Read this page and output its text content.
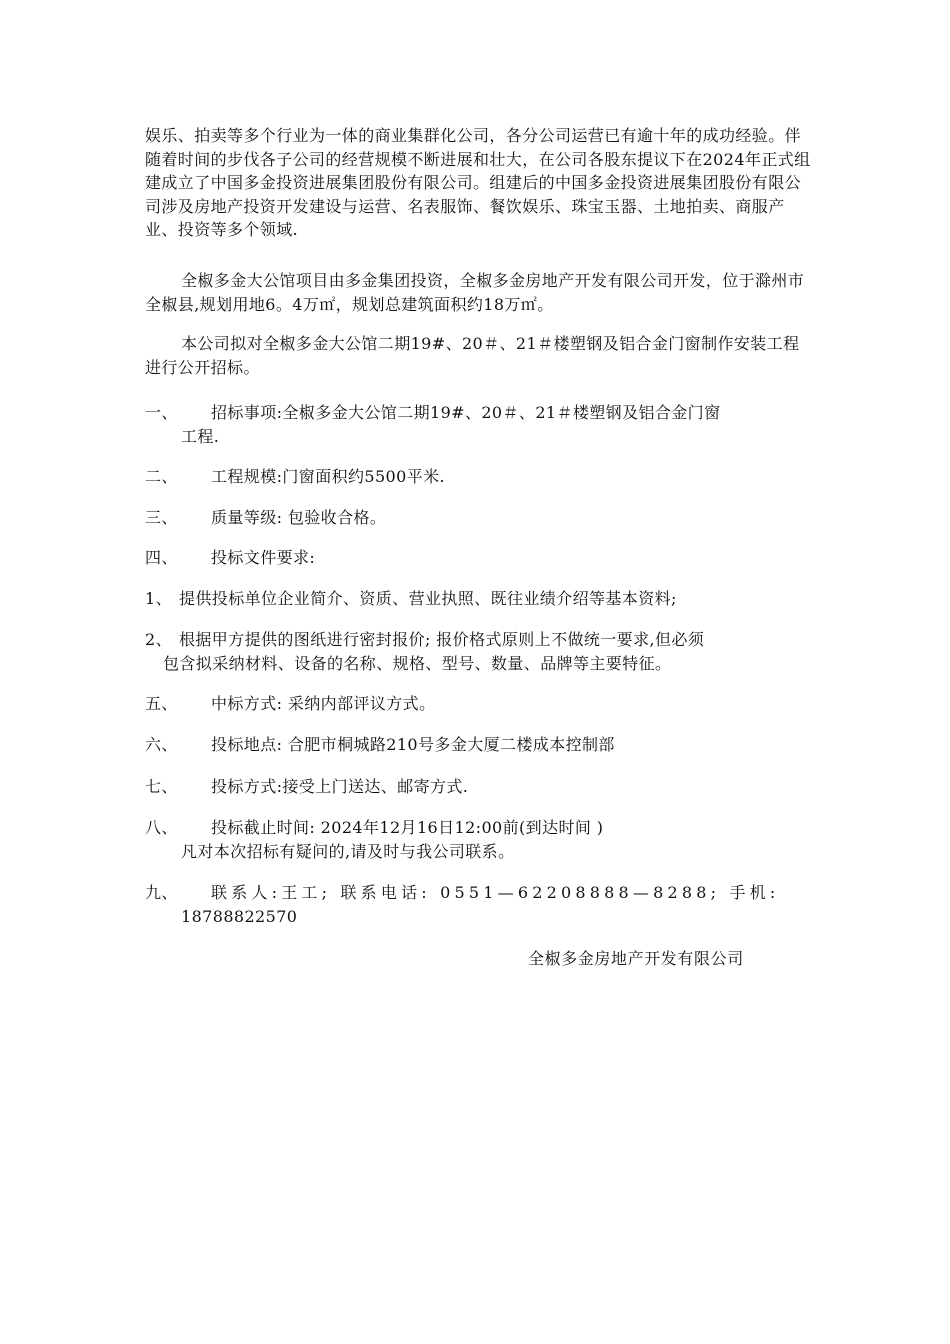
娱乐、拍卖等多个行业为一体的商业集群化公司，各分公司运营已有逾十年的成功经验。伴随着时间的步伐各子公司的经营规模不断进展和壮大，在公司各股东提议下在2024年正式组建成立了中国多金投资进展集团股份有限公司。组建后的中国多金投资进展集团股份有限公司涉及房地产投资开发建设与运营、名表服饰、餐饮娱乐、珠宝玉器、土地拍卖、商服产业、投资等多个领域.
全椒多金大公馆项目由多金集团投资，全椒多金房地产开发有限公司开发，位于滁州市全椒县,规划用地6。4万㎡，规划总建筑面积约18万㎡。
本公司拟对全椒多金大公馆二期19#、20＃、21＃楼塑钢及铝合金门窗制作安装工程进行公开招标。
一、 招标事项:全椒多金大公馆二期19#、20＃、21＃楼塑钢及铝合金门窗
工程.
二、 工程规模:门窗面积约5500平米.
三、 质量等级: 包验收合格。
四、 投标文件要求:
1、 提供投标单位企业简介、资质、营业执照、既往业绩介绍等基本资料;
2、 根据甲方提供的图纸进行密封报价; 报价格式原则上不做统一要求,但必须
包含拟采纳材料、设备的名称、规格、型号、数量、品牌等主要特征。
五、 中标方式: 采纳内部评议方式。
六、 投标地点: 合肥市桐城路210号多金大厦二楼成本控制部
七、 投标方式:接受上门送达、邮寄方式.
八、 投标截止时间: 2024年12月16日12:00前(到达时间 )
凡对本次招标有疑问的,请及时与我公司联系。
九、 联系人:王工; 联系电话: 0551—62208888—8288; 手机:
18788822570
全椒多金房地产开发有限公司
